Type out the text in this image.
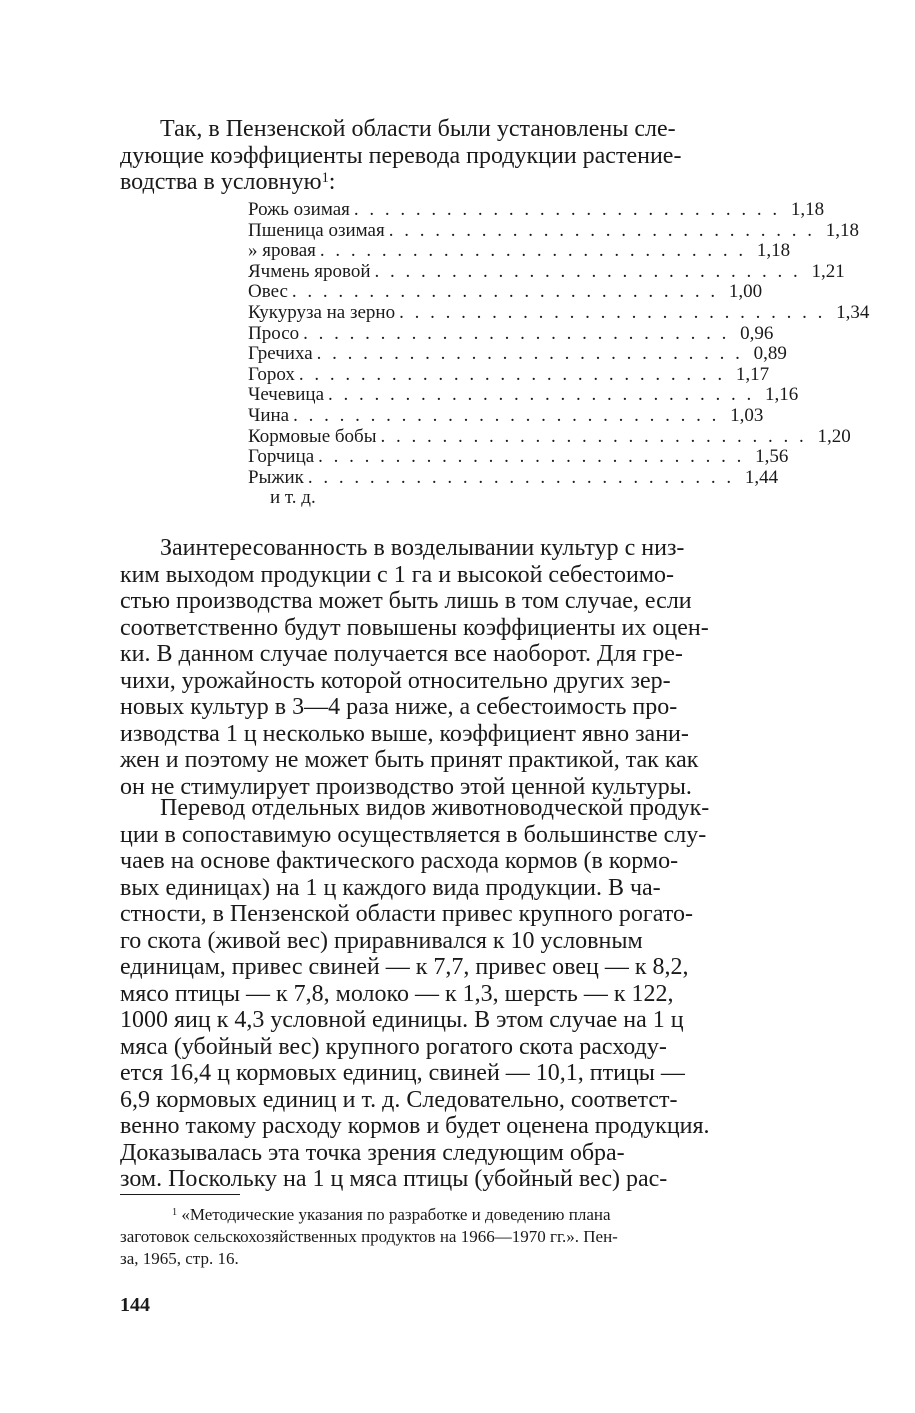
Так, в Пензенской области были установлены сле-
дующие коэффициенты перевода продукции растение-
водства в условную$^1$:

Рожь озимая . . . . . . . . . . . . . . . . . . . . . . . . . . . . 1,18
Пшеница озимая . . . . . . . . . . . . . . . . . . . . . . . . . . . . 1,18
» яровая . . . . . . . . . . . . . . . . . . . . . . . . . . . . 1,18
Ячмень яровой . . . . . . . . . . . . . . . . . . . . . . . . . . . . 1,21
Овес . . . . . . . . . . . . . . . . . . . . . . . . . . . . 1,00
Кукуруза на зерно . . . . . . . . . . . . . . . . . . . . . . . . . . . . 1,34
Просо . . . . . . . . . . . . . . . . . . . . . . . . . . . . 0,96
Гречиха . . . . . . . . . . . . . . . . . . . . . . . . . . . . 0,89
Горох . . . . . . . . . . . . . . . . . . . . . . . . . . . . 1,17
Чечевица . . . . . . . . . . . . . . . . . . . . . . . . . . . . 1,16
Чина . . . . . . . . . . . . . . . . . . . . . . . . . . . . 1,03
Кормовые бобы . . . . . . . . . . . . . . . . . . . . . . . . . . . . 1,20
Горчица . . . . . . . . . . . . . . . . . . . . . . . . . . . . 1,56
Рыжик . . . . . . . . . . . . . . . . . . . . . . . . . . . . 1,44
и т. д.

Заинтересованность в возделывании культур с низ-
ким выходом продукции с 1 га и высокой себестоимо-
стью производства может быть лишь в том случае, если
соответственно будут повышены коэффициенты их оцен-
ки. В данном случае получается все наоборот. Для гре-
чихи, урожайность которой относительно других зер-
новых культур в 3—4 раза ниже, а себестоимость про-
изводства 1 ц несколько выше, коэффициент явно зани-
жен и поэтому не может быть принят практикой, так как
он не стимулирует производство этой ценной культуры.

Перевод отдельных видов животноводческой продук-
ции в сопоставимую осуществляется в большинстве слу-
чаев на основе фактического расхода кормов (в кормо-
вых единицах) на 1 ц каждого вида продукции. В ча-
стности, в Пензенской области привес крупного рогато-
го скота (живой вес) приравнивался к 10 условным
единицам, привес свиней — к 7,7, привес овец — к 8,2,
мясо птицы — к 7,8, молоко — к 1,3, шерсть — к 122,
1000 яиц к 4,3 условной единицы. В этом случае на 1 ц
мяса (убойный вес) крупного рогатого скота расходу-
ется 16,4 ц кормовых единиц, свиней — 10,1, птицы —
6,9 кормовых единиц и т. д. Следовательно, соответст-
венно такому расходу кормов и будет оценена продукция.
Доказывалась эта точка зрения следующим обра-
зом. Поскольку на 1 ц мяса птицы (убойный вес) рас-

$^1$ «Методические указания по разработке и доведению плана
заготовок сельскохозяйственных продуктов на 1966—1970 гг.». Пен-
за, 1965, стр. 16.

144
